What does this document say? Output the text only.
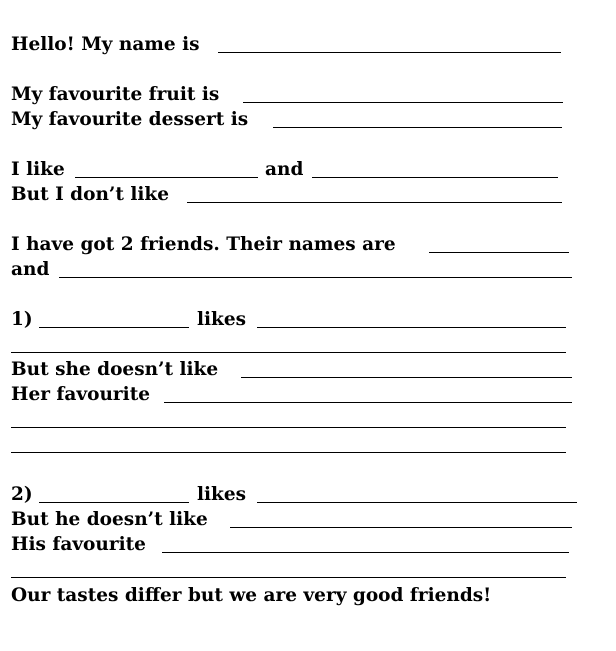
Hello! My name is
My favourite fruit is
My favourite dessert is
I like	and
But I don’t like
I have got 2 friends. Their names are
and
1)	likes
But she doesn’t like
Her favourite
2)	likes
But he doesn’t like
His favourite
Our tastes differ but we are very good friends!
